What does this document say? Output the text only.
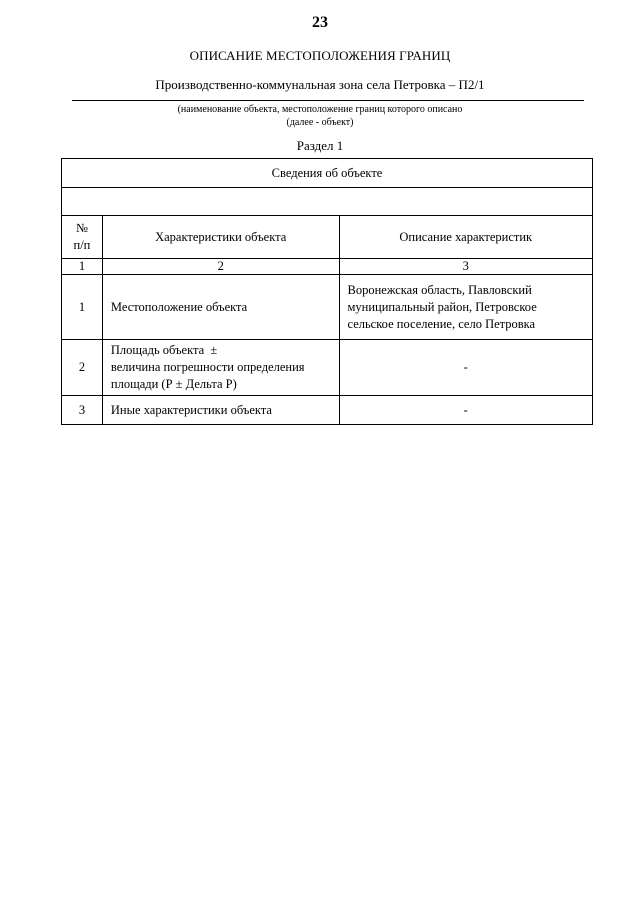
23
ОПИСАНИЕ МЕСТОПОЛОЖЕНИЯ ГРАНИЦ
Производственно-коммунальная зона села Петровка – П2/1
(наименование объекта, местоположение границ которого описано
(далее - объект)
Раздел 1
Сведения об объекте		

№
п/п	Характеристики объекта	Описание характеристик
1	2	3
1	Местоположение объекта	Воронежская область, Павловский
муниципальный район, Петровское
сельское поселение, село Петровка

2	Площадь объекта  ±
величина погрешности определения
площади (Р ± Дельта Р)	-
3	Иные характеристики объекта	-
